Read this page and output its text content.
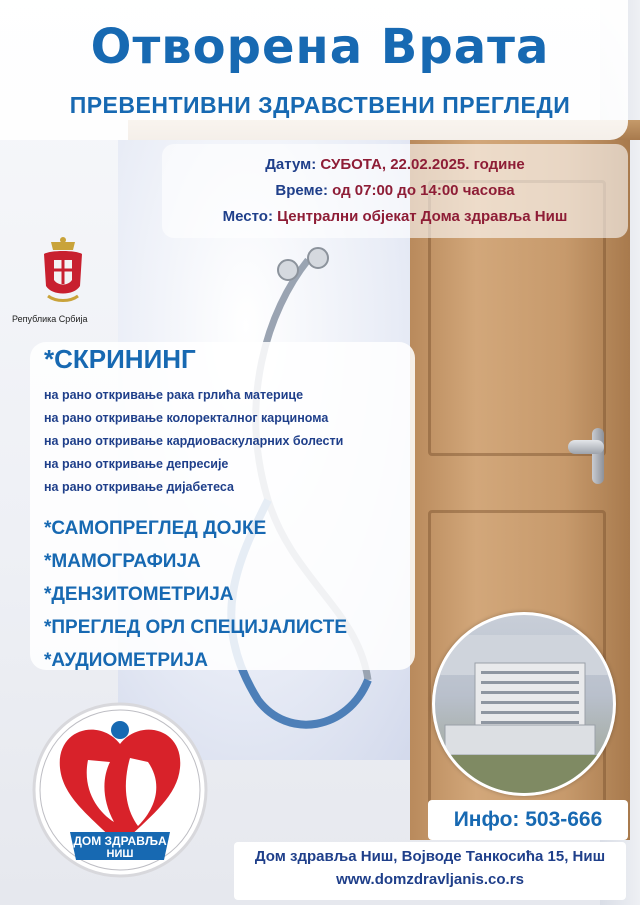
Отворена Врата
ПРЕВЕНТИВНИ ЗДРАВСТВЕНИ ПРЕГЛЕДИ
Датум: СУБОТА, 22.02.2025. године
Време: од 07:00 до 14:00 часова
Место: Централни објекат Дома здравља Ниш
Република Србија
*СКРИНИНГ
на рано откривање рака грлића материце
на рано откривање колоректалног карцинома
на рано откривање кардиоваскуларних болести
на рано откривање депресије
на рано откривање дијабетеса
*САМОПРЕГЛЕД ДОЈКЕ
*МАМОГРАФИЈА
*ДЕНЗИТОМЕТРИЈА
*ПРЕГЛЕД ОРЛ СПЕЦИЈАЛИСТЕ
*АУДИОМЕТРИЈА
ДОМ ЗДРАВЉА
НИШ
Инфо: 503-666
Дом здравља Ниш, Војводе Танкосића 15, Ниш
www.domzdravljanis.co.rs
